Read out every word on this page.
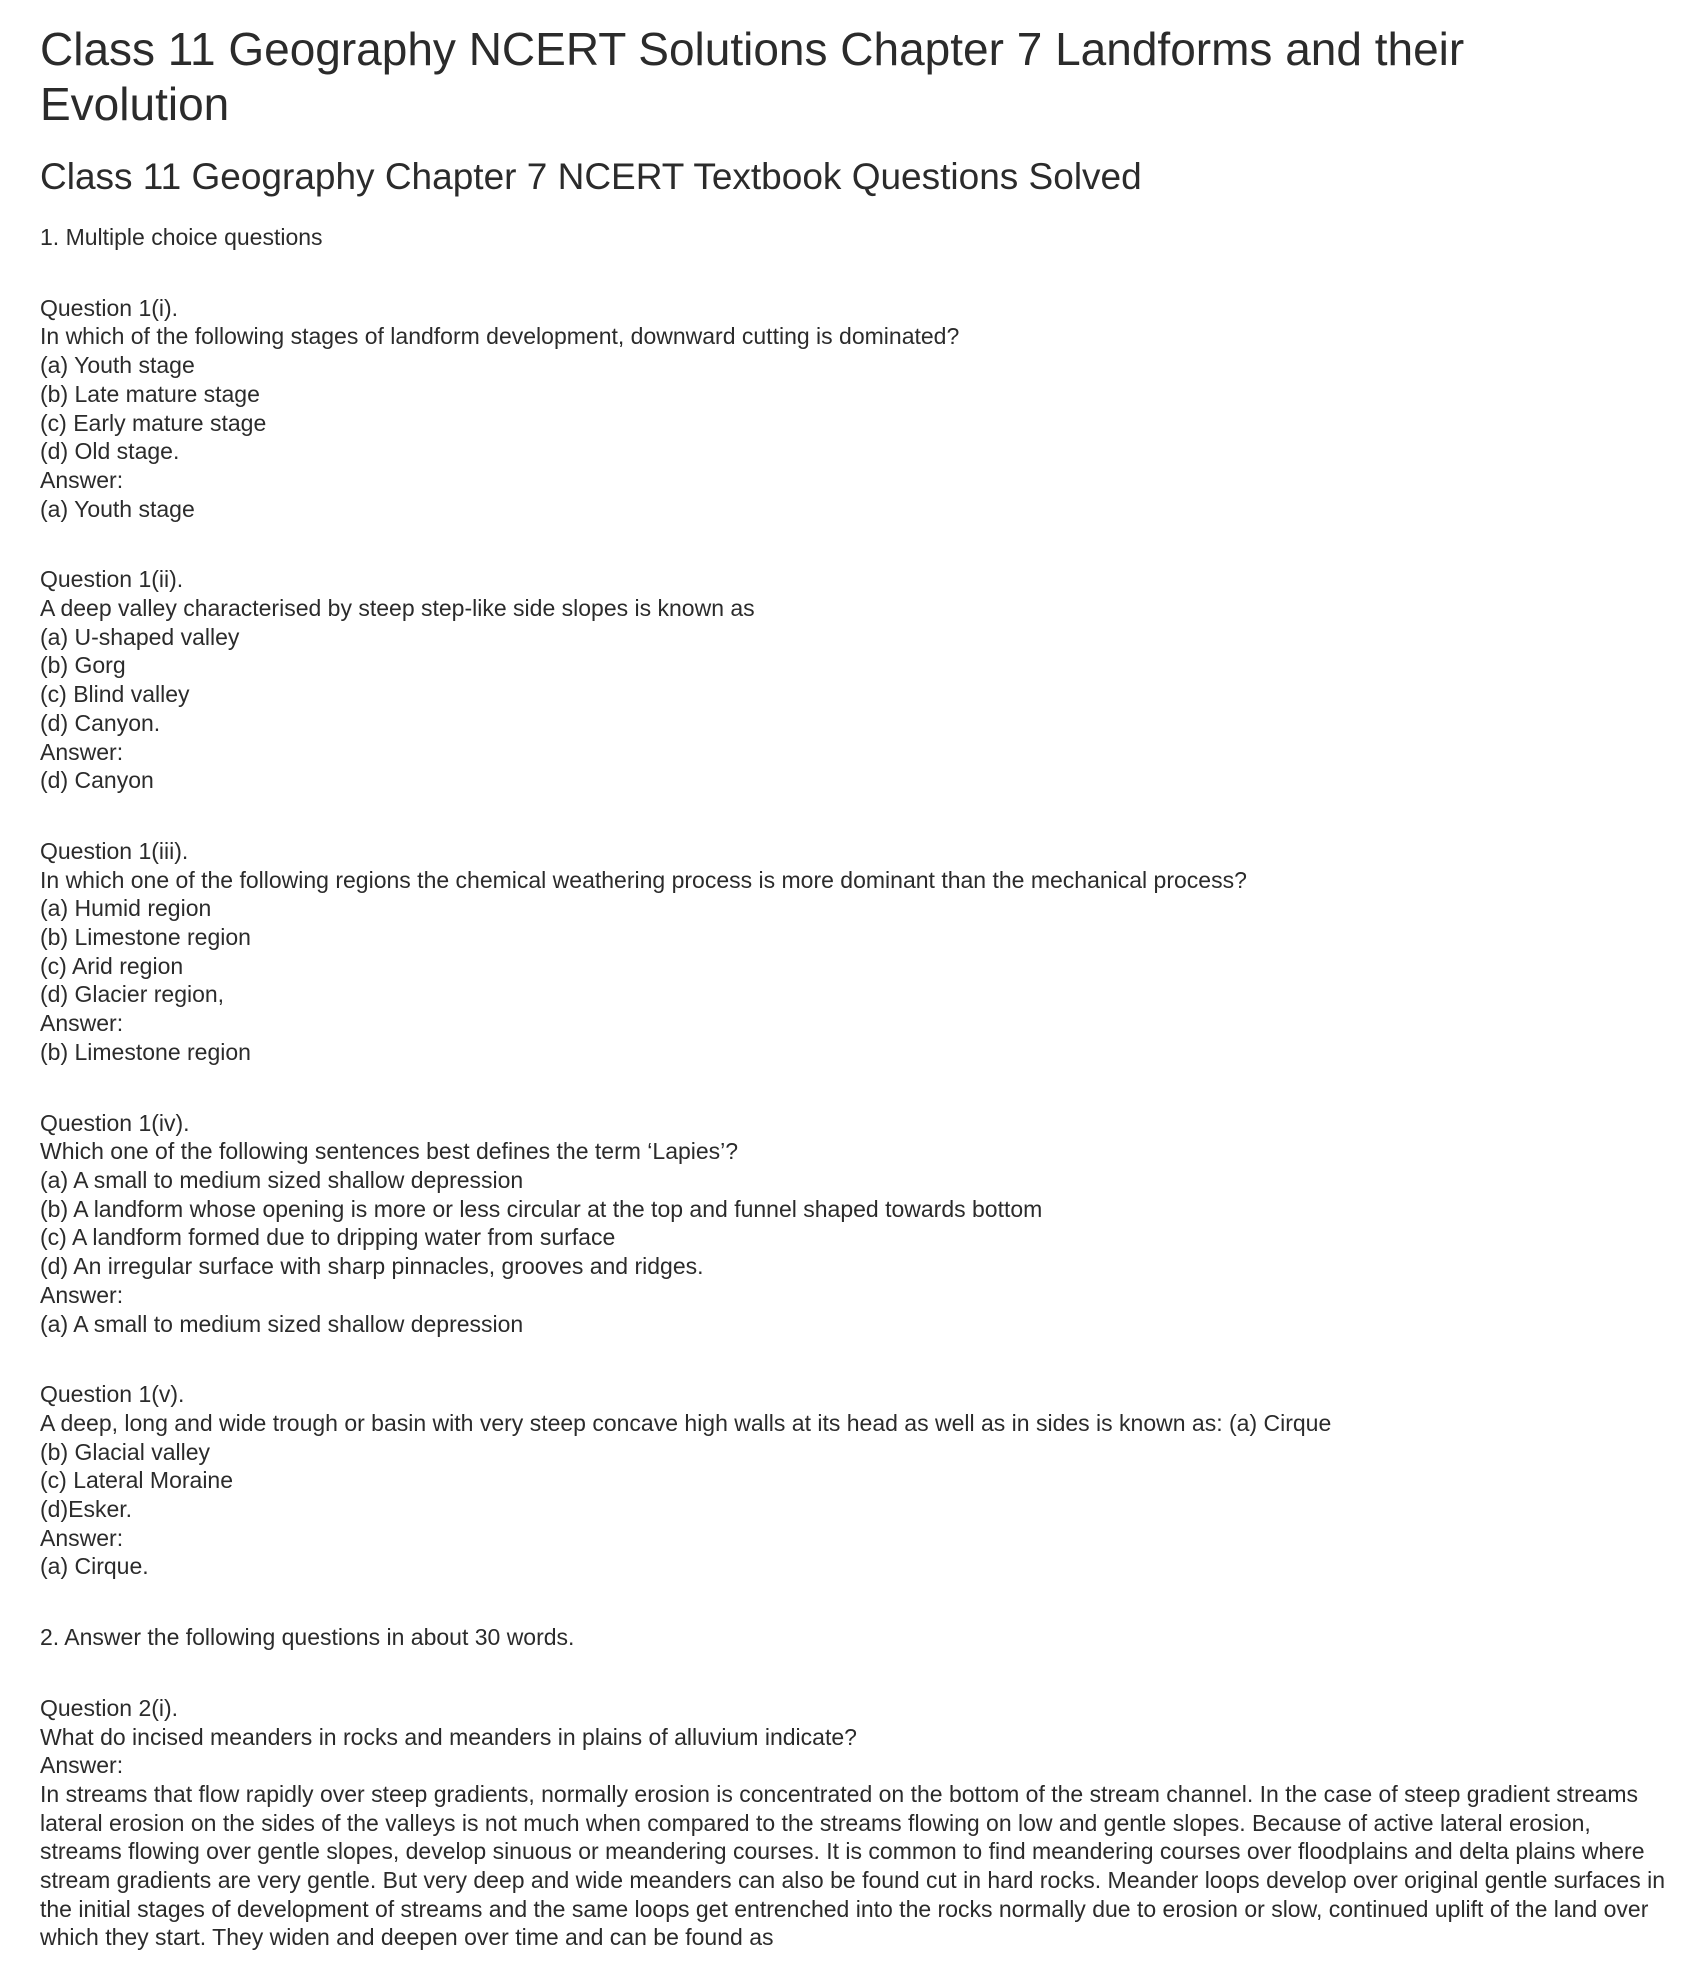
Class 11 Geography NCERT Solutions Chapter 7 Landforms and their Evolution
Class 11 Geography Chapter 7 NCERT Textbook Questions Solved
1. Multiple choice questions
Question 1(i).
In which of the following stages of landform development, downward cutting is dominated?
(a) Youth stage
(b) Late mature stage
(c) Early mature stage
(d) Old stage.
Answer:
(a) Youth stage
Question 1(ii).
A deep valley characterised by steep step-like side slopes is known as
(a) U-shaped valley
(b) Gorg
(c) Blind valley
(d) Canyon.
Answer:
(d) Canyon
Question 1(iii).
In which one of the following regions the chemical weathering process is more dominant than the mechanical process?
(a) Humid region
(b) Limestone region
(c) Arid region
(d) Glacier region,
Answer:
(b) Limestone region
Question 1(iv).
Which one of the following sentences best defines the term ‘Lapies’?
(a) A small to medium sized shallow depression
(b) A landform whose opening is more or less circular at the top and funnel shaped towards bottom
(c) A landform formed due to dripping water from surface
(d) An irregular surface with sharp pinnacles, grooves and ridges.
Answer:
(a) A small to medium sized shallow depression
Question 1(v).
A deep, long and wide trough or basin with very steep concave high walls at its head as well as in sides is known as: (a) Cirque
(b) Glacial valley
(c) Lateral Moraine
(d)Esker.
Answer:
(a) Cirque.
2. Answer the following questions in about 30 words.
Question 2(i).
What do incised meanders in rocks and meanders in plains of alluvium indicate?
Answer:
In streams that flow rapidly over steep gradients, normally erosion is concentrated on the bottom of the stream channel. In the case of steep gradient streams lateral erosion on the sides of the valleys is not much when compared to the streams flowing on low and gentle slopes. Because of active lateral erosion, streams flowing over gentle slopes, develop sinuous or meandering courses. It is common to find meandering courses over floodplains and delta plains where stream gradients are very gentle. But very deep and wide meanders can also be found cut in hard rocks. Meander loops develop over original gentle surfaces in the initial stages of development of streams and the same loops get entrenched into the rocks normally due to erosion or slow, continued uplift of the land over which they start. They widen and deepen over time and can be found as
